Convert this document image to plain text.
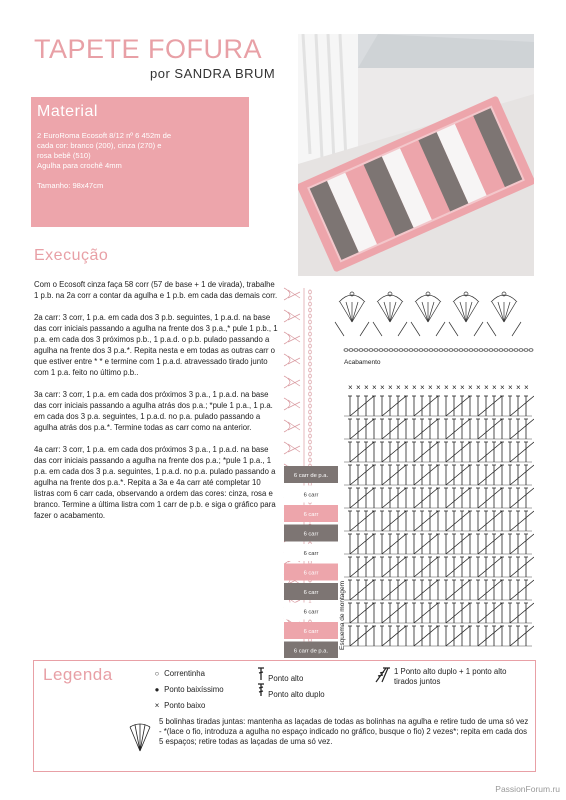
TAPETE FOFURA
por SANDRA BRUM
Material

2 EuroRoma Ecosoft 8/12 nº 6 452m de

cada cor: branco (200), cinza (270) e

rosa bebê (510)

Agulha para crochê 4mm

Tamanho: 98x47cm

Execução

Com o Ecosoft cinza faça 58 corr (57 de base + 1 de virada), trabalhe 1 p.b. na 2a corr a contar da agulha e 1 p.b. em cada das demais corr.

2a carr: 3 corr, 1 p.a. em cada dos 3 p.b. seguintes, 1 p.a.d. na base das corr iniciais passando a agulha na frente dos 3 p.a.,* pule 1 p.b., 1 p.a. em cada dos 3 próximos p.b., 1 p.a.d. o p.b. pulado passando a agulha na frente dos 3 p.a.*. Repita nesta e em todas as outras carr o que estiver entre * * e termine com 1 p.a.d. atravessado tirado junto com 1 p.a. feito no último p.b..

3a carr: 3 corr, 1 p.a. em cada dos próximos 3 p.a., 1 p.a.d. na base das corr iniciais passando a agulha atrás dos p.a.; *pule 1 p.a., 1 p.a. em cada dos 3 p.a. seguintes, 1 p.a.d. no p.a. pulado passando a agulha atrás dos p.a.*. Termine todas as carr como na anterior.

4a carr: 3 corr, 1 p.a. em cada dos próximos 3 p.a., 1 p.a.d. na base das corr iniciais passando a agulha na frente dos p.a.; *pule 1 p.a., 1 p.a. em cada dos 3 p.a. seguintes, 1 p.a.d. no p.a. pulado passando a agulha na frente dos p.a.*. Repita a 3a e 4a carr até completar 10 listras com 6 carr cada, observando a ordem das cores: cinza, rosa e branco. Termine a última listra com 1 carr de p.b. e siga o gráfico para fazer o acabamento.

Acabamento
× × × × × × × × × × × × × × × × × × × × × × ×
6 carr de p.a.
6 carr
6 carr
6 carr
6 carr
6 carr
6 carr
6 carr
6 carr
6 carr de p.a.
Esquema de montagem
Legenda	○ Correntinha
● Ponto baixíssimo
× Ponto baixo
Ponto alto
Ponto alto duplo
1 Ponto alto duplo + 1 ponto alto tirados juntos
5 bolinhas tiradas juntas: mantenha as laçadas de todas as bolinhas na agulha e retire tudo de uma só vez - *(lace o fio, introduza a agulha no espaço indicado no gráfico, busque o fio) 2 vezes*; repita em cada dos 5 espaços; retire todas as laçadas de uma só vez.
PassionForum.ru
